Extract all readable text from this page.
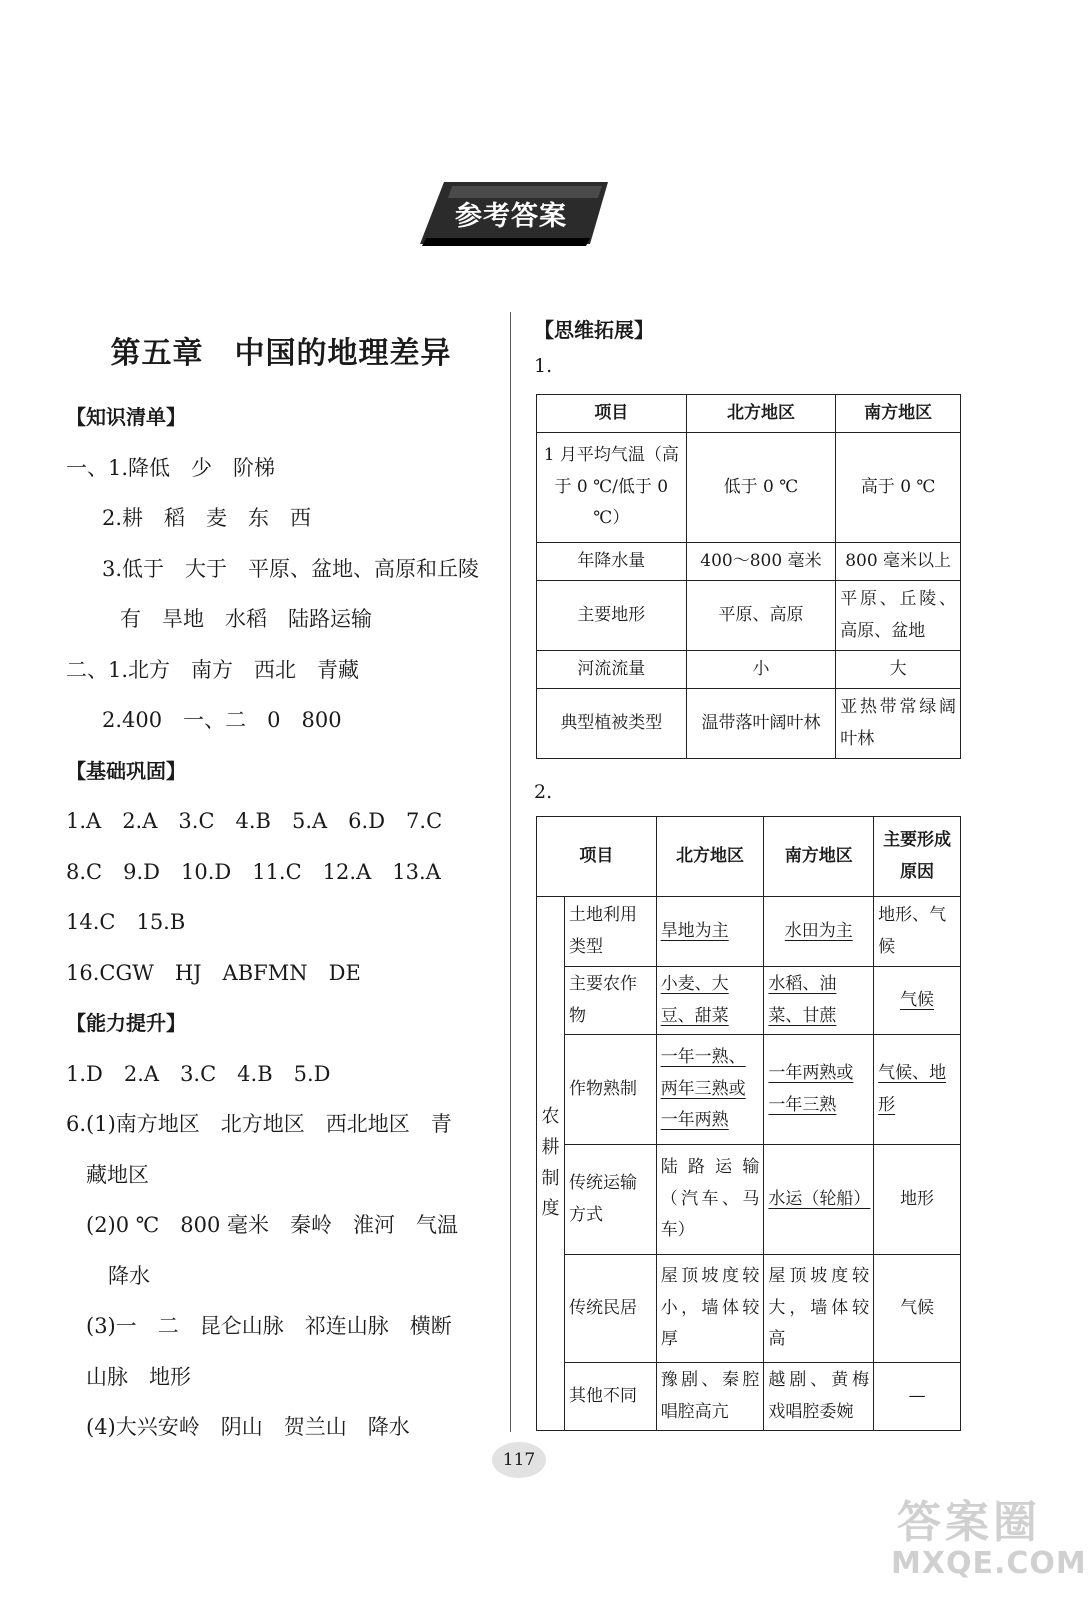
参考答案
第五章　中国的地理差异
【知识清单】
一、1.降低　少　阶梯
2.耕　稻　麦　东　西
3.低于　大于　平原、盆地、高原和丘陵
有　旱地　水稻　陆路运输
二、1.北方　南方　西北　青藏
2.400　一、二　0　800
【基础巩固】
1.A　2.A　3.C　4.B　5.A　6.D　7.C
8.C　9.D　10.D　11.C　12.A　13.A
14.C　15.B
16.CGW　HJ　ABFMN　DE
【能力提升】
1.D　2.A　3.C　4.B　5.D
6.(1)南方地区　北方地区　西北地区　青
藏地区
(2)0 ℃　800 毫米　秦岭　淮河　气温
降水
(3)一　二　昆仑山脉　祁连山脉　横断
山脉　地形
(4)大兴安岭　阴山　贺兰山　降水
【思维拓展】
1.
2.
项目	北方地区	南方地区
1 月平均气温（高于 0 ℃/低于 0 ℃）	低于 0 ℃	高于 0 ℃
年降水量	400～800 毫米	800 毫米以上
主要地形	平原、高原	平原、丘陵、高原、盆地
河流流量	小	大
典型植被类型	温带落叶阔叶林	亚热带常绿阔叶林
项目		北方地区	南方地区	主要形成原因
农耕制度	土地利用类型	旱地为主	水田为主	地形、气候
	主要农作物	小麦、大豆、甜菜	水稻、油菜、甘蔗	气候
	作物熟制	一年一熟、两年三熟或一年两熟	一年两熟或一年三熟	气候、地形
	传统运输方式	陆路运输（汽车、马车）	水运（轮船）	地形
	传统民居	屋顶坡度较小，墙体较厚	屋顶坡度较大，墙体较高	气候
	其他不同	豫剧、秦腔唱腔高亢	越剧、黄梅戏唱腔委婉	—
117
答案圈
MXQE.COM
